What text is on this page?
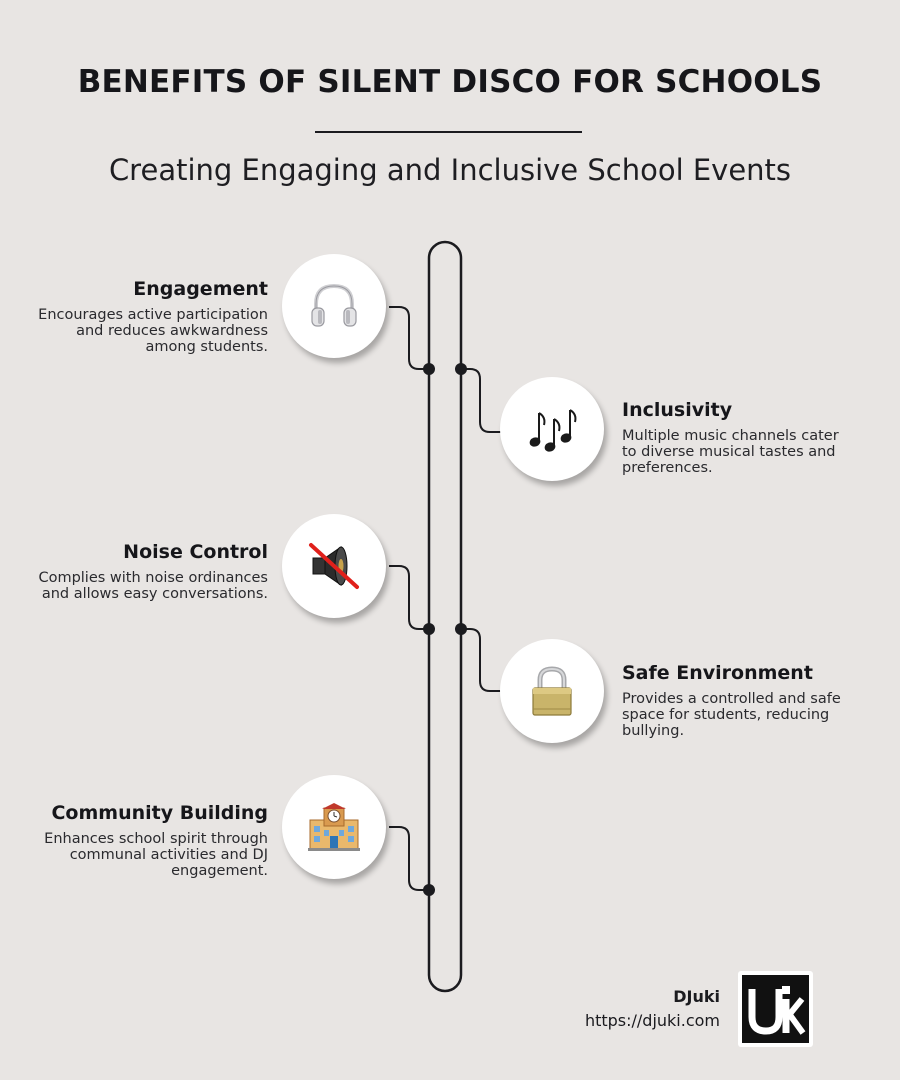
BENEFITS OF SILENT DISCO FOR SCHOOLS
Creating Engaging and Inclusive School Events
Engagement

Encourages active participation and reduces awkwardness among students.

Inclusivity

Multiple music channels cater to diverse musical tastes and preferences.

Noise Control

Complies with noise ordinances and allows easy conversations.

Safe Environment

Provides a controlled and safe space for students, reducing bullying.

Community Building

Enhances school spirit through communal activities and DJ engagement.

DJuki
https://djuki.com
